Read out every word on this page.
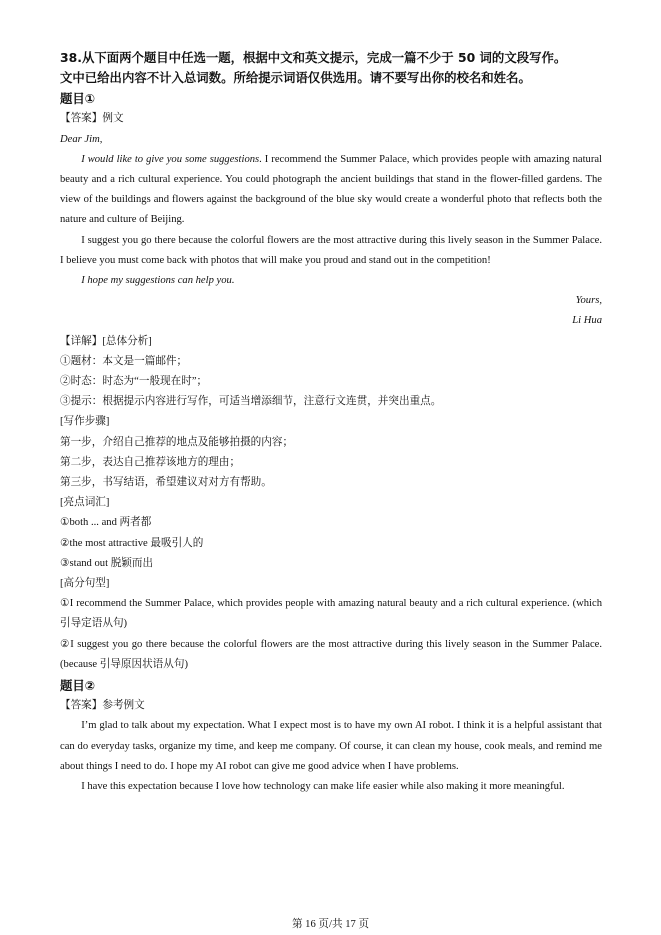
38.从下面两个题目中任选一题，根据中文和英文提示，完成一篇不少于 50 词的文段写作。

文中已给出内容不计入总词数。所给提示词语仅供选用。请不要写出你的校名和姓名。

题目①

【答案】例文

Dear Jim,

I would like to give you some suggestions. I recommend the Summer Palace, which provides people with amazing natural beauty and a rich cultural experience. You could photograph the ancient buildings that stand in the flower-filled gardens. The view of the buildings and flowers against the background of the blue sky would create a wonderful photo that reflects both the nature and culture of Beijing.

I suggest you go there because the colorful flowers are the most attractive during this lively season in the Summer Palace. I believe you must come back with photos that will make you proud and stand out in the competition!

I hope my suggestions can help you.

Yours,

Li Hua

【详解】[总体分析]

①题材：本文是一篇邮件；

②时态：时态为“一般现在时”；

③提示：根据提示内容进行写作，可适当增添细节，注意行文连贯，并突出重点。

[写作步骤]

第一步，介绍自己推荐的地点及能够拍摄的内容；

第二步，表达自己推荐该地方的理由；

第三步，书写结语，希望建议对对方有帮助。

[亮点词汇]

①both ... and 两者都

②the most attractive 最吸引人的

③stand out 脱颖而出

[高分句型]

①I recommend the Summer Palace, which provides people with amazing natural beauty and a rich cultural experience. (which 引导定语从句)

②I suggest you go there because the colorful flowers are the most attractive during this lively season in the Summer Palace. (because 引导原因状语从句)

题目②

【答案】参考例文

I’m glad to talk about my expectation. What I expect most is to have my own AI robot. I think it is a helpful assistant that can do everyday tasks, organize my time, and keep me company. Of course, it can clean my house, cook meals, and remind me about things I need to do. I hope my AI robot can give me good advice when I have problems.

I have this expectation because I love how technology can make life easier while also making it more meaningful.

第 16 页/共 17 页
